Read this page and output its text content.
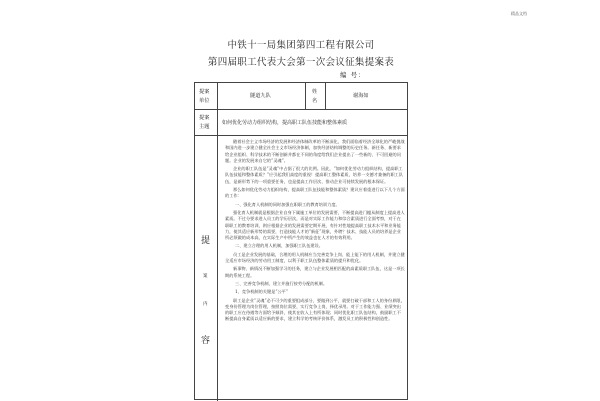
精品文档
中铁十一局集团第四工程有限公司
第四届职工代表大会第一次会议征集提案表
编 号：
提案
单位
隧道九队
姓
名
谢海如
提案
主题
如何优化劳动力组织结构，提高职工队伍技能和整体素质
提
案
内
容

随着社会主义市场经济的发展和经济体制改革的不断深化，我们面临着经济全球化的严峻挑战和国内进一步建立健全社会主义市场经济体制，加快经济结构调整的历史任务。新任务、新要求给企业组织、科学技术的不断创新并都在不同的角度给我们企业提出了一些新的、不可回避的问题。企业的发展来自它的“灵魂”。

企业的职工队伍是“灵魂”中占据了很大的比例。因此，“如何优化劳动力组织结构，提高职工队伍技能和整体素质？”应引起我们高度的重视！提高职工整体素质，培养一支德才兼备的职工队伍，是新形势下的一项重要任务，也是提高工作层次、推动企业可持续发展的根本保证。

那么如何优化劳动力组织结构，提高职工队伍技能和整体素质？建议应着重进行以下几个方面的工作：

一、强化育人机制的同时加强在职职工的教育培训力度。

强化育人机制就是根据企业自身下属施工单位的发展需要，不断提高进门槛从制度上提高进人素质。不过分要求进入员工的学历层次，而是对实际工作能力和综合素质进行全面考察，对于在职职工的教育培训，则应根据企业的发展需要定期开展，有针对性地提高职工技术水平和业务能力，使其适应新形势的需要，打造技能人才的“新征”现象，外聘？技术、技能人员的培养是企业所必须做的成本高，在实际生产中所产生的效益也在人才的有效利用。

二、建立合理的用人机制，加强职工队伍建设。

员工是企业发展的基础，合理的用人机制应当完善竞争上岗、能上能下的用人机制，并建立健全适应市场经济的劳动用工制度，以利于职工队伍整体素质的提升和优化。

新事物、新情况不断加强学习的任务，建立与企业发展相匹配的高素质职工队伍，这是一项长期的系统工程。

三、完善竞争机制，建立并施行按劳分配的机制。

1、竞争机制的关键是“公平”

职工是企业“灵魂”必不可少的重要组成部分，要做到公平，就要打破干部和工人的身份界限，变身份管理为岗位管理，按照岗位需要，实行竞争上岗，择优录用。对于工作能力强、业绩突出的职工应在待遇等方面给予倾斜，使其在收入上有所体现；同时优化职工队伍结构，鼓励职工不断提高自身素质以适应新的要求，建立科学的考核评价体系，激发员工的积极性和创造性。
